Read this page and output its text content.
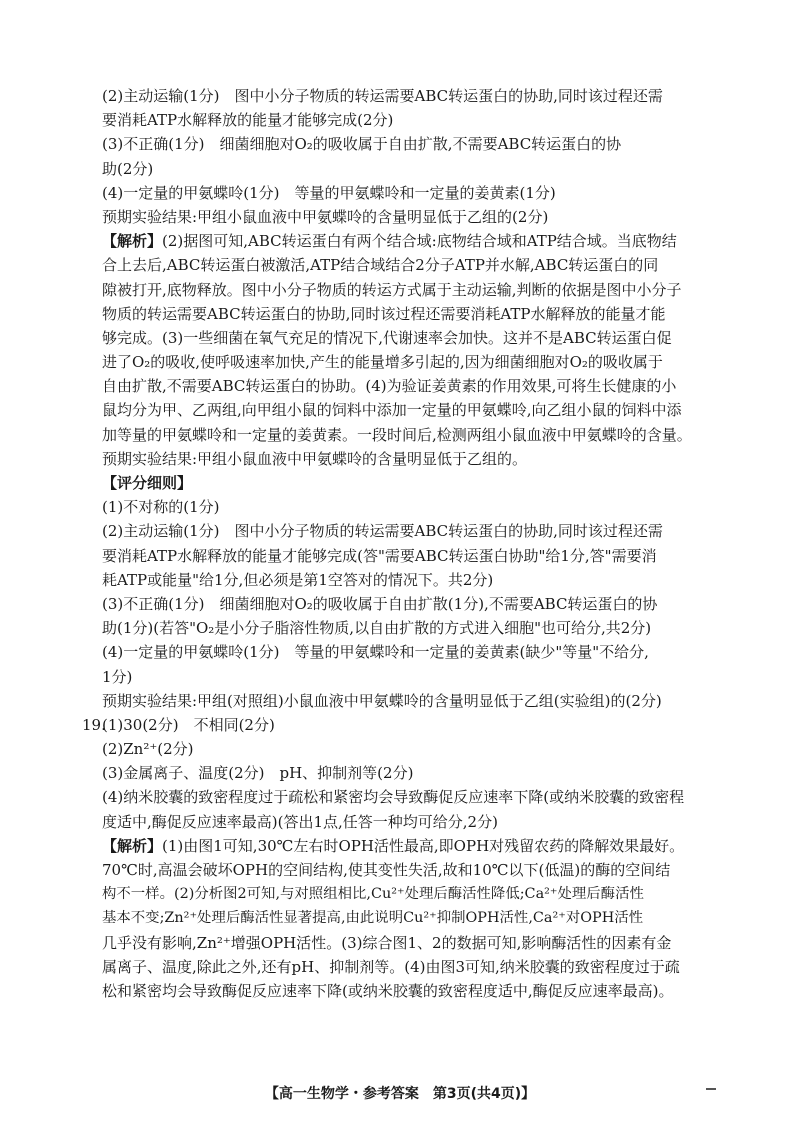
(2)主动运输(1分)　图中小分子物质的转运需要ABC转运蛋白的协助,同时该过程还需
要消耗ATP水解释放的能量才能够完成(2分)
(3)不正确(1分)　细菌细胞对O₂的吸收属于自由扩散,不需要ABC转运蛋白的协
助(2分)
(4)一定量的甲氨蝶呤(1分)　等量的甲氨蝶呤和一定量的姜黄素(1分)
预期实验结果:甲组小鼠血液中甲氨蝶呤的含量明显低于乙组的(2分)
【解析】(2)据图可知,ABC转运蛋白有两个结合域:底物结合域和ATP结合域。当底物结
合上去后,ABC转运蛋白被激活,ATP结合域结合2分子ATP并水解,ABC转运蛋白的同
隙被打开,底物释放。图中小分子物质的转运方式属于主动运输,判断的依据是图中小分子
物质的转运需要ABC转运蛋白的协助,同时该过程还需要消耗ATP水解释放的能量才能
够完成。(3)一些细菌在氧气充足的情况下,代谢速率会加快。这并不是ABC转运蛋白促
进了O₂的吸收,使呼吸速率加快,产生的能量增多引起的,因为细菌细胞对O₂的吸收属于
自由扩散,不需要ABC转运蛋白的协助。(4)为验证姜黄素的作用效果,可将生长健康的小
鼠均分为甲、乙两组,向甲组小鼠的饲料中添加一定量的甲氨蝶呤,向乙组小鼠的饲料中添
加等量的甲氨蝶呤和一定量的姜黄素。一段时间后,检测两组小鼠血液中甲氨蝶呤的含量。
预期实验结果:甲组小鼠血液中甲氨蝶呤的含量明显低于乙组的。
【评分细则】
(1)不对称的(1分)
(2)主动运输(1分)　图中小分子物质的转运需要ABC转运蛋白的协助,同时该过程还需
要消耗ATP水解释放的能量才能够完成(答"需要ABC转运蛋白协助"给1分,答"需要消
耗ATP或能量"给1分,但必须是第1空答对的情况下。共2分)
(3)不正确(1分)　细菌细胞对O₂的吸收属于自由扩散(1分),不需要ABC转运蛋白的协
助(1分)(若答"O₂是小分子脂溶性物质,以自由扩散的方式进入细胞"也可给分,共2分)
(4)一定量的甲氨蝶呤(1分)　等量的甲氨蝶呤和一定量的姜黄素(缺少"等量"不给分,
1分)
预期实验结果:甲组(对照组)小鼠血液中甲氨蝶呤的含量明显低于乙组(实验组)的(2分)
19.
(1)30(2分)　不相同(2分)
(2)Zn²⁺(2分)
(3)金属离子、温度(2分)　pH、抑制剂等(2分)
(4)纳米胶囊的致密程度过于疏松和紧密均会导致酶促反应速率下降(或纳米胶囊的致密程
度适中,酶促反应速率最高)(答出1点,任答一种均可给分,2分)
【解析】(1)由图1可知,30℃左右时OPH活性最高,即OPH对残留农药的降解效果最好。
70℃时,高温会破坏OPH的空间结构,使其变性失活,故和10℃以下(低温)的酶的空间结
构不一样。(2)分析图2可知,与对照组相比,Cu²⁺处理后酶活性降低;Ca²⁺处理后酶活性
基本不变;Zn²⁺处理后酶活性显著提高,由此说明Cu²⁺抑制OPH活性,Ca²⁺对OPH活性
几乎没有影响,Zn²⁺增强OPH活性。(3)综合图1、2的数据可知,影响酶活性的因素有金
属离子、温度,除此之外,还有pH、抑制剂等。(4)由图3可知,纳米胶囊的致密程度过于疏
松和紧密均会导致酶促反应速率下降(或纳米胶囊的致密程度适中,酶促反应速率最高)。
【高一生物学・参考答案　第3页(共4页)】
